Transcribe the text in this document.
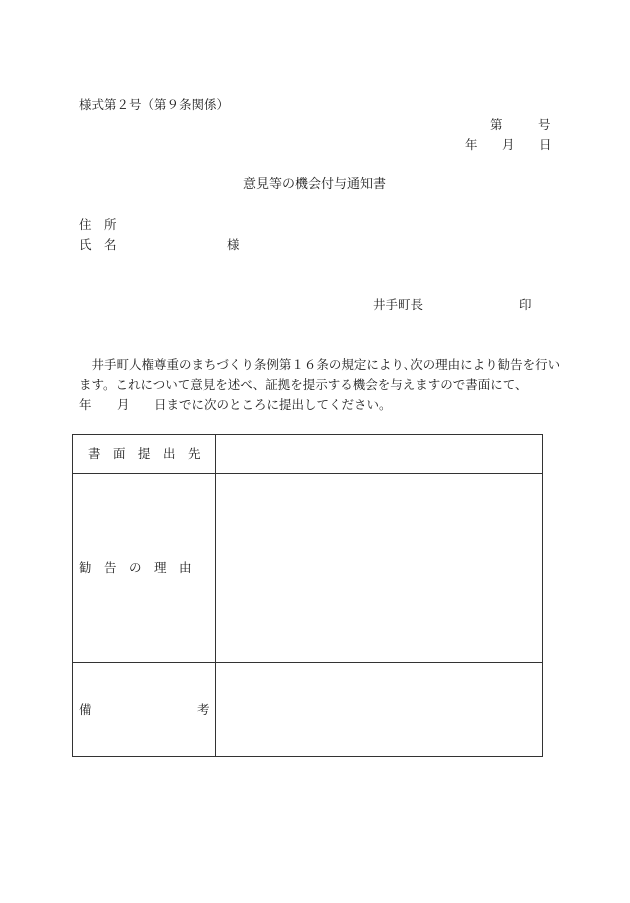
様式第２号（第９条関係）
第	号
年 月 日
意見等の機会付与通知書
住　所
氏　名	様
井手町長	印
　井手町人権尊重のまちづくり条例第１６条の規定により､次の理由により勧告を行い
ます。これについて意見を述べ、証拠を提示する機会を与えますので書面にて、
年 月 日までに次のところに提出してください。
書　面　提　出　先
勧　告　の　理　由
備	考
